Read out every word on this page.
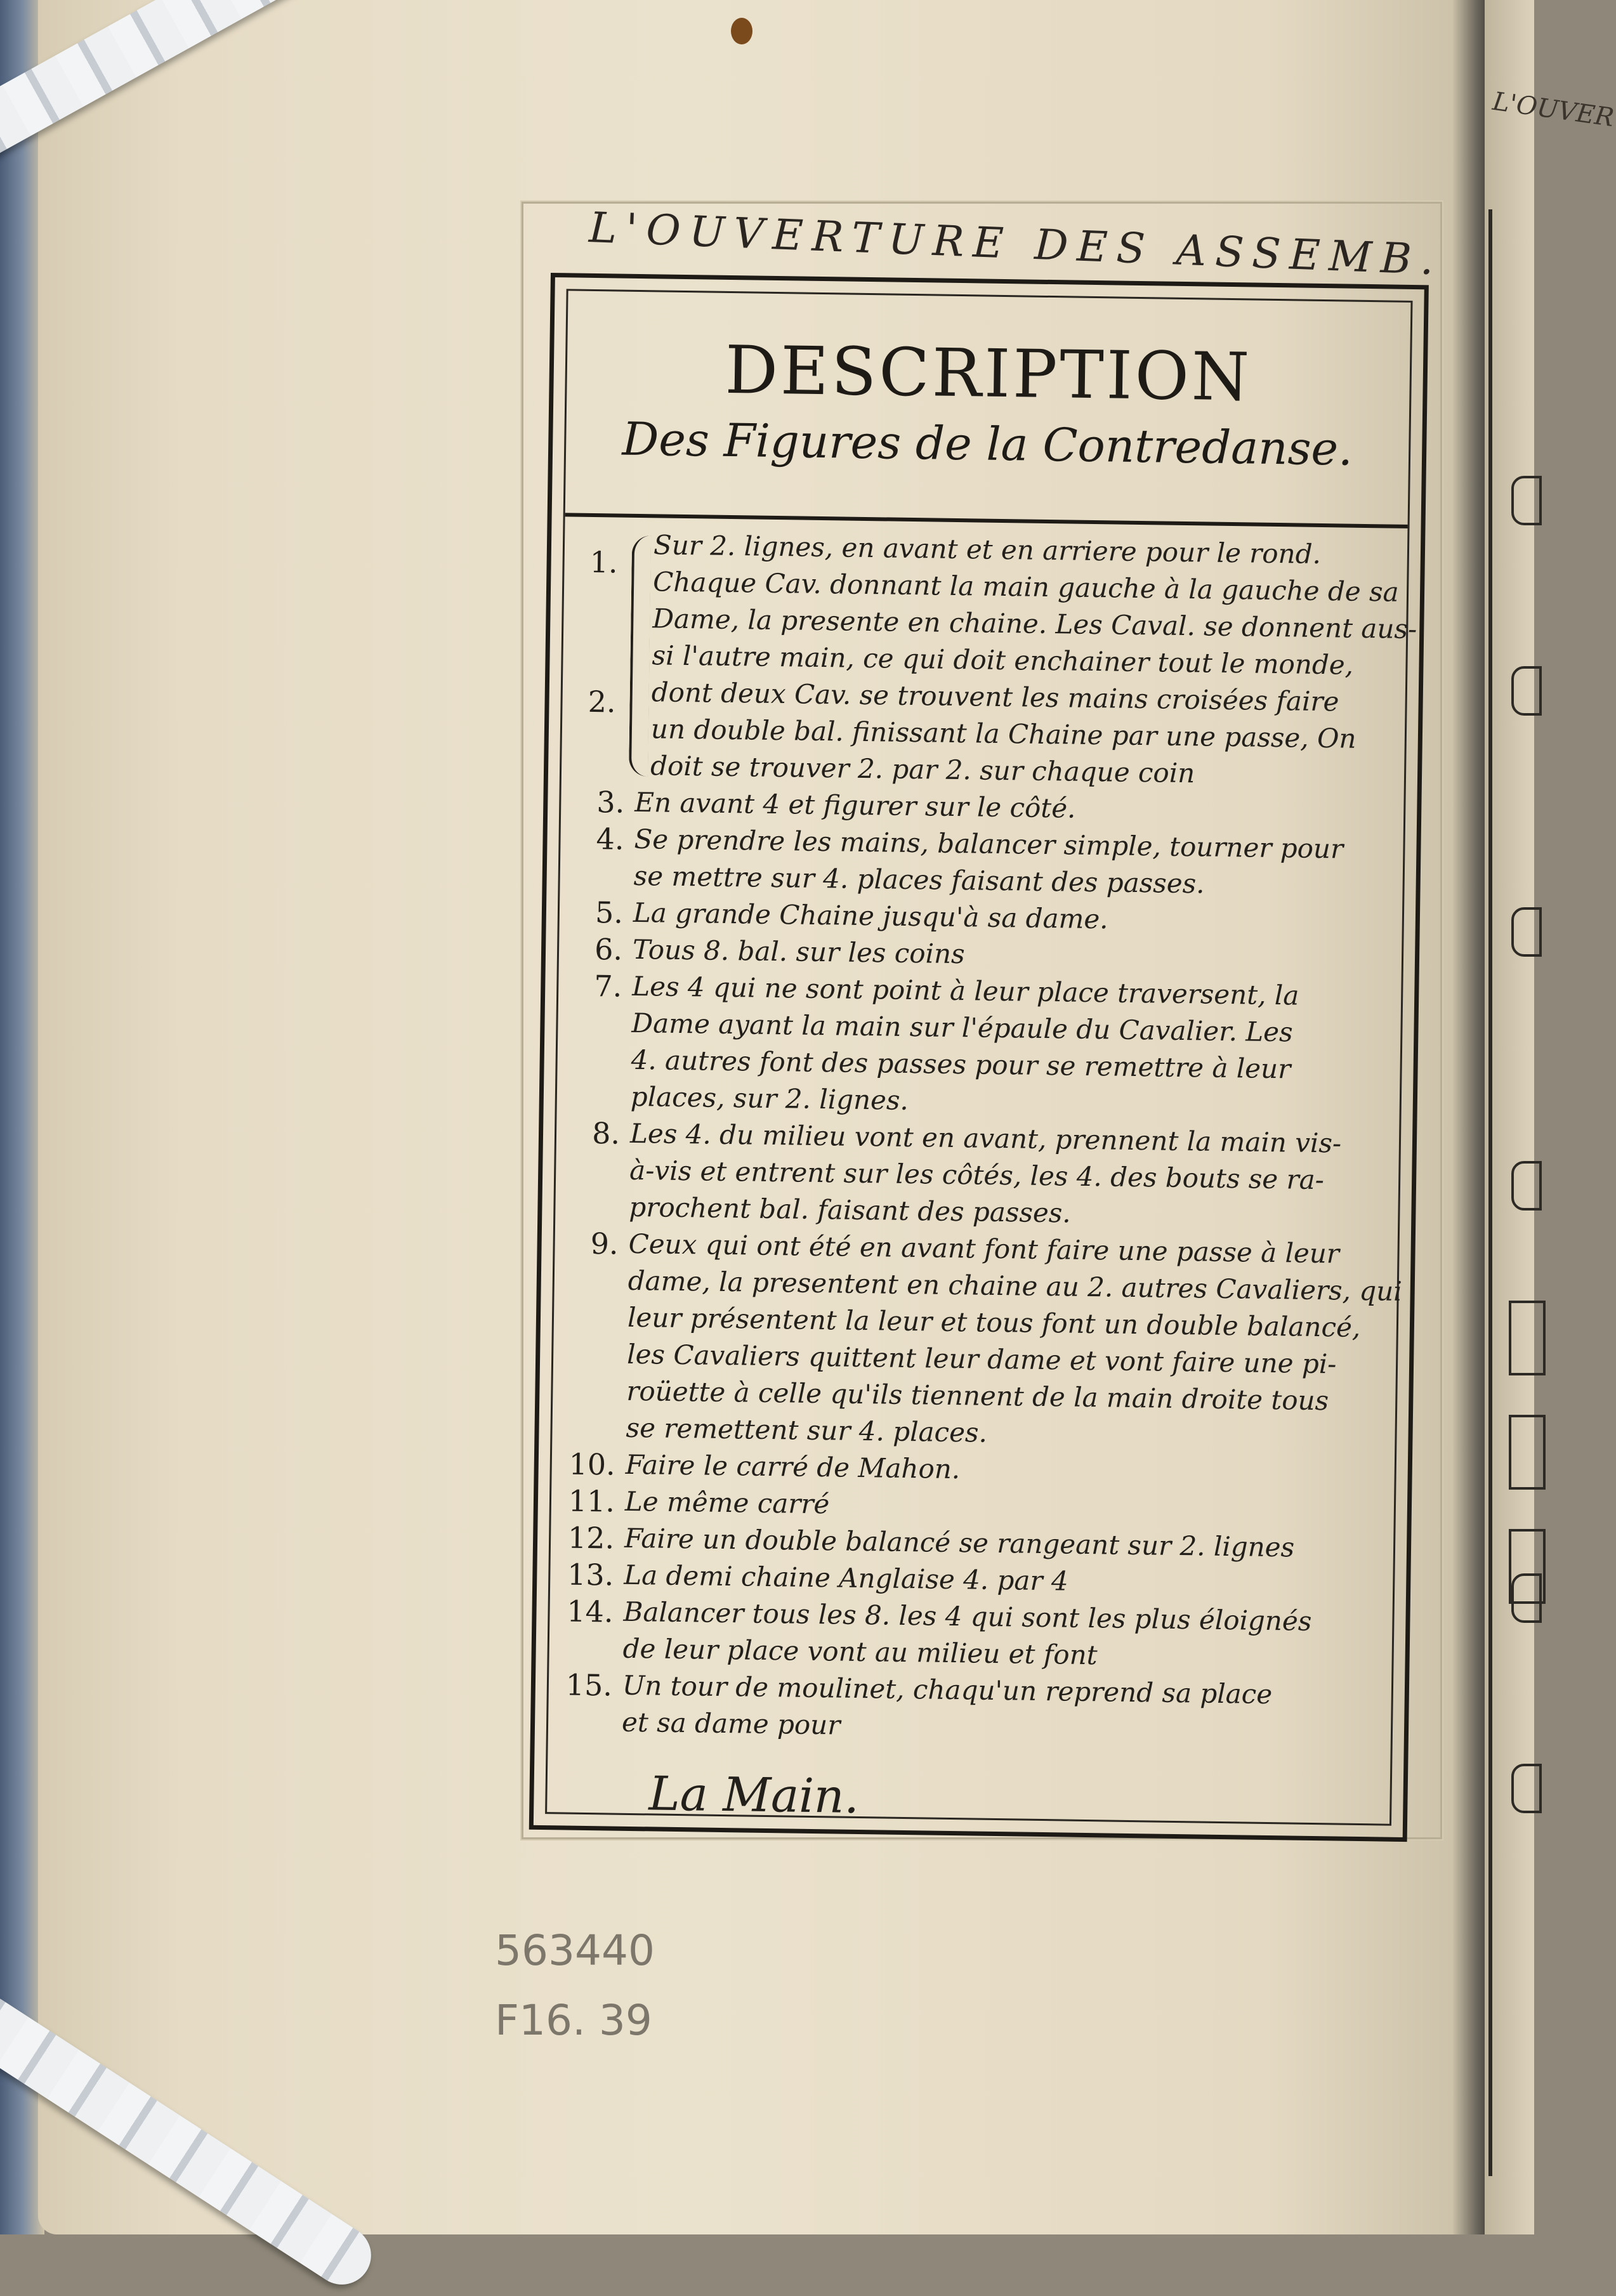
L'OUVER
L'OUVERTURE DES ASSEMB.
DESCRIPTION
Des Figures de la Contredanse.
1.
2.
Sur 2. lignes, en avant et en arriere pour le rond.
Chaque Cav. donnant la main gauche à la gauche de sa
Dame, la presente en chaine. Les Caval. se donnent aus-
si l'autre main, ce qui doit enchainer tout le monde,
dont deux Cav. se trouvent les mains croisées faire
un double bal. finissant la Chaine par une passe, On
doit se trouver 2. par 2. sur chaque coin
3. En avant 4 et figurer sur le côté.
4. Se prendre les mains, balancer simple, tourner pour
se mettre sur 4. places faisant des passes.
5. La grande Chaine jusqu'à sa dame.
6. Tous 8. bal. sur les coins
7. Les 4 qui ne sont point à leur place traversent, la
Dame ayant la main sur l'épaule du Cavalier. Les
4. autres font des passes pour se remettre à leur
places, sur 2. lignes.
8. Les 4. du milieu vont en avant, prennent la main vis-
à-vis et entrent sur les côtés, les 4. des bouts se ra-
prochent bal. faisant des passes.
9. Ceux qui ont été en avant font faire une passe à leur
dame, la presentent en chaine au 2. autres Cavaliers, qui
leur présentent la leur et tous font un double balancé,
les Cavaliers quittent leur dame et vont faire une pi-
roüette à celle qu'ils tiennent de la main droite tous
se remettent sur 4. places.
10. Faire le carré de Mahon.
11. Le même carré
12. Faire un double balancé se rangeant sur 2. lignes
13. La demi chaine Anglaise 4. par 4
14. Balancer tous les 8. les 4 qui sont les plus éloignés
de leur place vont au milieu et font
15. Un tour de moulinet, chaqu'un reprend sa place
et sa dame pour
La Main.
563440
F16. 39
